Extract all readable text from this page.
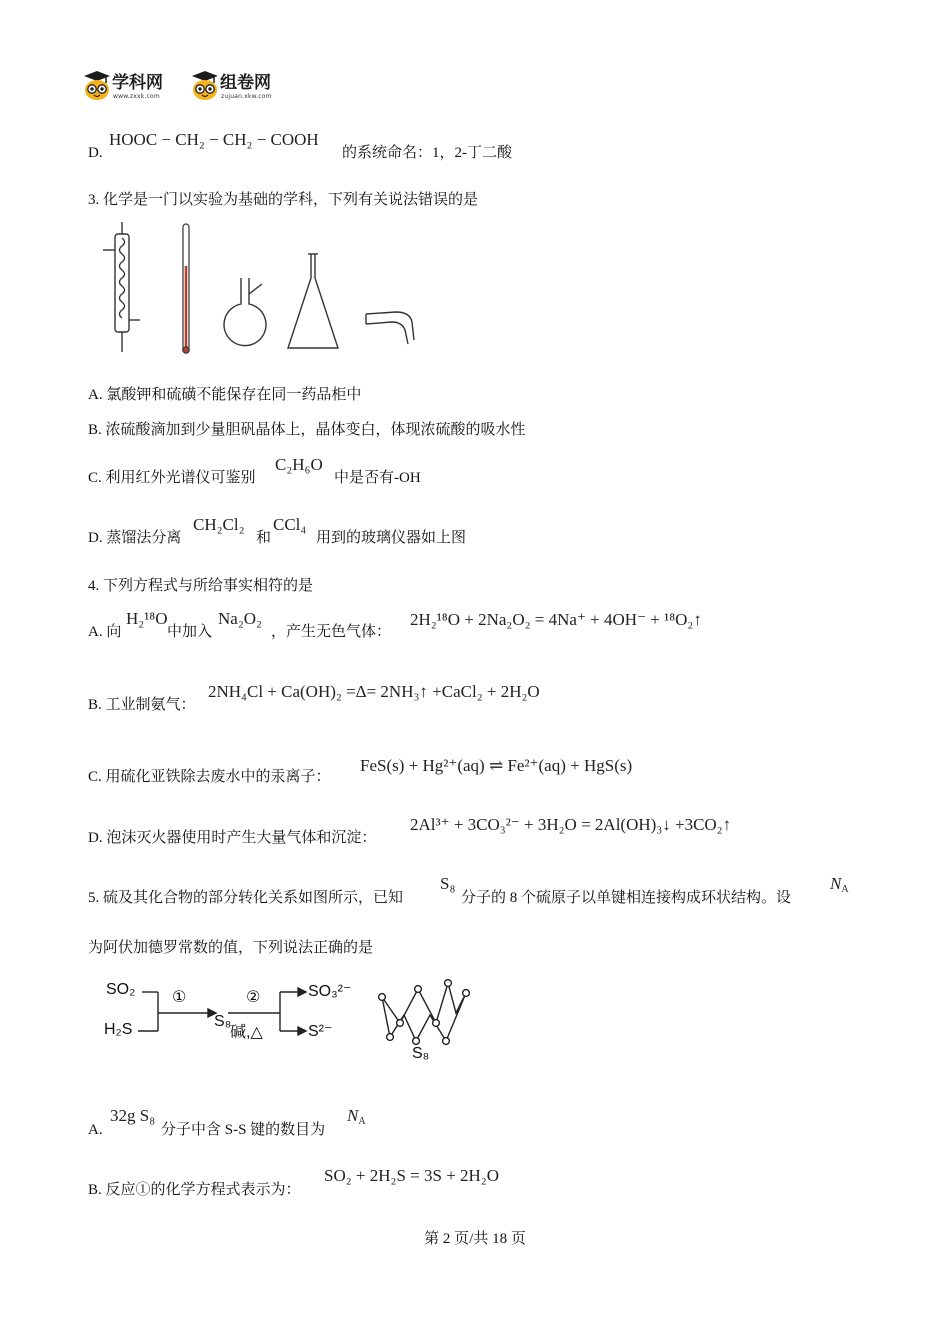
学科网
www.zxxk.com
组卷网
zujuan.xkw.com
D.
HOOC − CH₂ − CH₂ − COOH
的系统命名：1，2-丁二酸
3. 化学是一门以实验为基础的学科，下列有关说法错误的是
A. 氯酸钾和硫磺不能保存在同一药品柜中
B. 浓硫酸滴加到少量胆矾晶体上，晶体变白，体现浓硫酸的吸水性
C. 利用红外光谱仪可鉴别
C₂H₆O
中是否有-OH
D. 蒸馏法分离
CH₂Cl₂
和
CCl₄
用到的玻璃仪器如上图
4. 下列方程式与所给事实相符的是
A. 向
H₂¹⁸O
中加入
Na₂O₂
，产生无色气体：
2H₂¹⁸O + 2Na₂O₂ = 4Na⁺ + 4OH⁻ + ¹⁸O₂↑
B. 工业制氨气：
2NH₄Cl + Ca(OH)₂ =Δ= 2NH₃↑ +CaCl₂ + 2H₂O
C. 用硫化亚铁除去废水中的汞离子：
FeS(s) + Hg²⁺(aq) ⇌ Fe²⁺(aq) + HgS(s)
D. 泡沫灭火器使用时产生大量气体和沉淀：
2Al³⁺ + 3CO₃²⁻ + 3H₂O = 2Al(OH)₃↓ +3CO₂↑
5. 硫及其化合物的部分转化关系如图所示，已知
S₈
分子的 8 个硫原子以单键相连接构成环状结构。设
NA
为阿伏加德罗常数的值，下列说法正确的是
SO₂
H₂S
①
S₈
②
碱,△
SO₃²⁻
S²⁻
S₈
A.
32g S₈
分子中含 S-S 键的数目为
NA
B. 反应①的化学方程式表示为：
SO₂ + 2H₂S = 3S + 2H₂O
第 2 页/共 18 页
